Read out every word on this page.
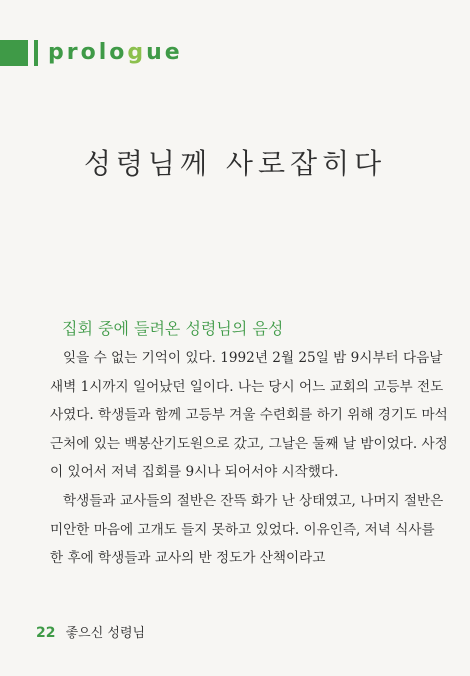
prologue
성령님께 사로잡히다
집회 중에 들려온 성령님의 음성

잊을 수 없는 기억이 있다. 1992년 2월 25일 밤 9시부터 다음날 새벽 1시까지 일어났던 일이다. 나는 당시 어느 교회의 고등부 전도사였다. 학생들과 함께 고등부 겨울 수련회를 하기 위해 경기도 마석 근처에 있는 백봉산기도원으로 갔고, 그날은 둘째 날 밤이었다. 사정이 있어서 저녁 집회를 9시나 되어서야 시작했다.

학생들과 교사들의 절반은 잔뜩 화가 난 상태였고, 나머지 절반은 미안한 마음에 고개도 들지 못하고 있었다. 이유인즉, 저녁 식사를 한 후에 학생들과 교사의 반 정도가 산책이라고

22 좋으신 성령님
